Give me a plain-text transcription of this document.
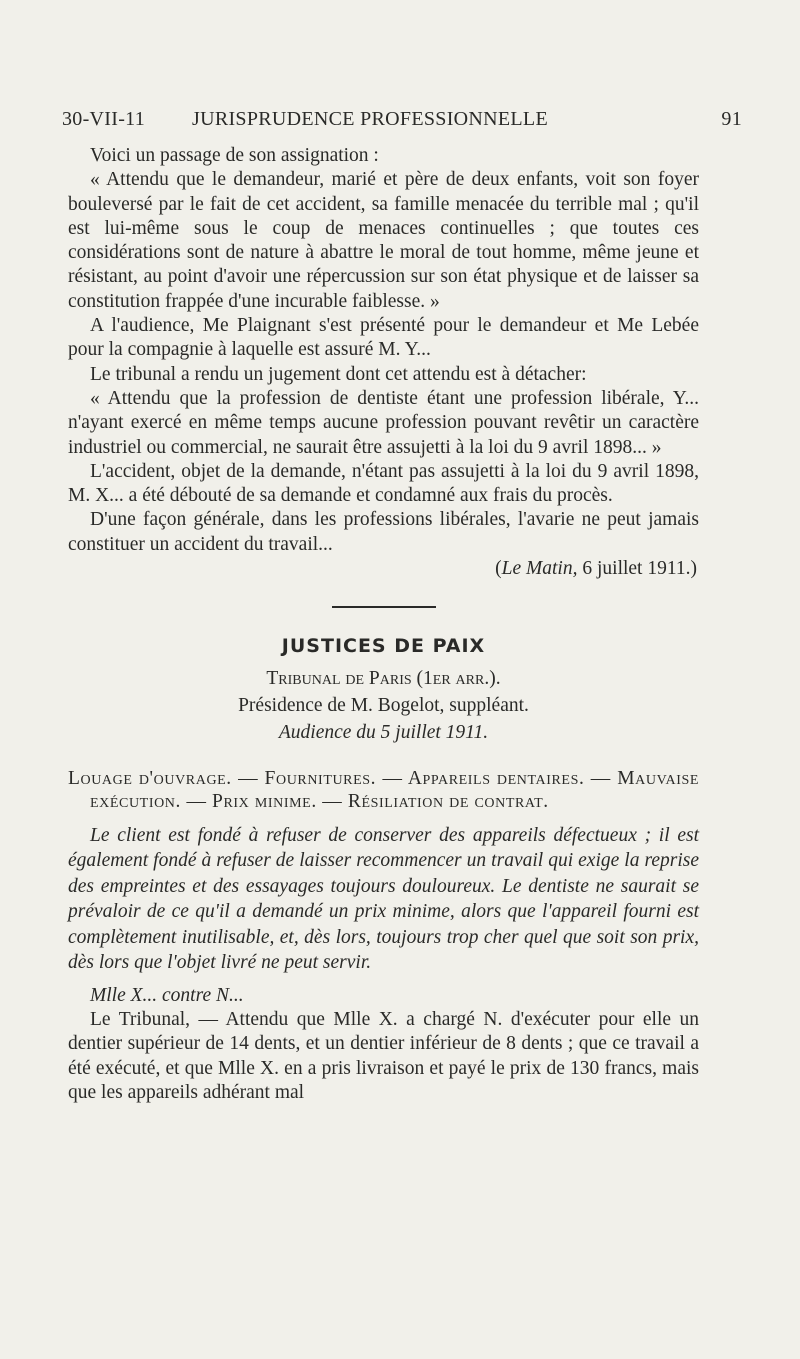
30-VII-11 JURISPRUDENCE PROFESSIONNELLE	91

Voici un passage de son assignation :

« Attendu que le demandeur, marié et père de deux enfants, voit son foyer bouleversé par le fait de cet accident, sa famille menacée du terrible mal ; qu'il est lui-même sous le coup de menaces continuelles ; que toutes ces considérations sont de nature à abattre le moral de tout homme, même jeune et résistant, au point d'avoir une répercussion sur son état physique et de laisser sa constitution frappée d'une incurable faiblesse. »

A l'audience, Me Plaignant s'est présenté pour le demandeur et Me Lebée pour la compagnie à laquelle est assuré M. Y...

Le tribunal a rendu un jugement dont cet attendu est à détacher:

« Attendu que la profession de dentiste étant une profession libérale, Y... n'ayant exercé en même temps aucune profession pouvant revêtir un caractère industriel ou commercial, ne saurait être assujetti à la loi du 9 avril 1898... »

L'accident, objet de la demande, n'étant pas assujetti à la loi du 9 avril 1898, M. X... a été débouté de sa demande et condamné aux frais du procès.

D'une façon générale, dans les professions libérales, l'avarie ne peut jamais constituer un accident du travail...

(Le Matin, 6 juillet 1911.)

JUSTICES DE PAIX

Tribunal de Paris (1er arr.).

Présidence de M. Bogelot, suppléant.

Audience du 5 juillet 1911.

Louage d'ouvrage. — Fournitures. — Appareils dentaires. — Mauvaise exécution. — Prix minime. — Résiliation de contrat.

Le client est fondé à refuser de conserver des appareils défectueux ; il est également fondé à refuser de laisser recommencer un travail qui exige la reprise des empreintes et des essayages toujours douloureux. Le dentiste ne saurait se prévaloir de ce qu'il a demandé un prix minime, alors que l'appareil fourni est complètement inutilisable, et, dès lors, toujours trop cher quel que soit son prix, dès lors que l'objet livré ne peut servir.

Mlle X... contre N...

Le Tribunal, — Attendu que Mlle X. a chargé N. d'exécuter pour elle un dentier supérieur de 14 dents, et un dentier inférieur de 8 dents ; que ce travail a été exécuté, et que Mlle X. en a pris livraison et payé le prix de 130 francs, mais que les appareils adhérant mal
